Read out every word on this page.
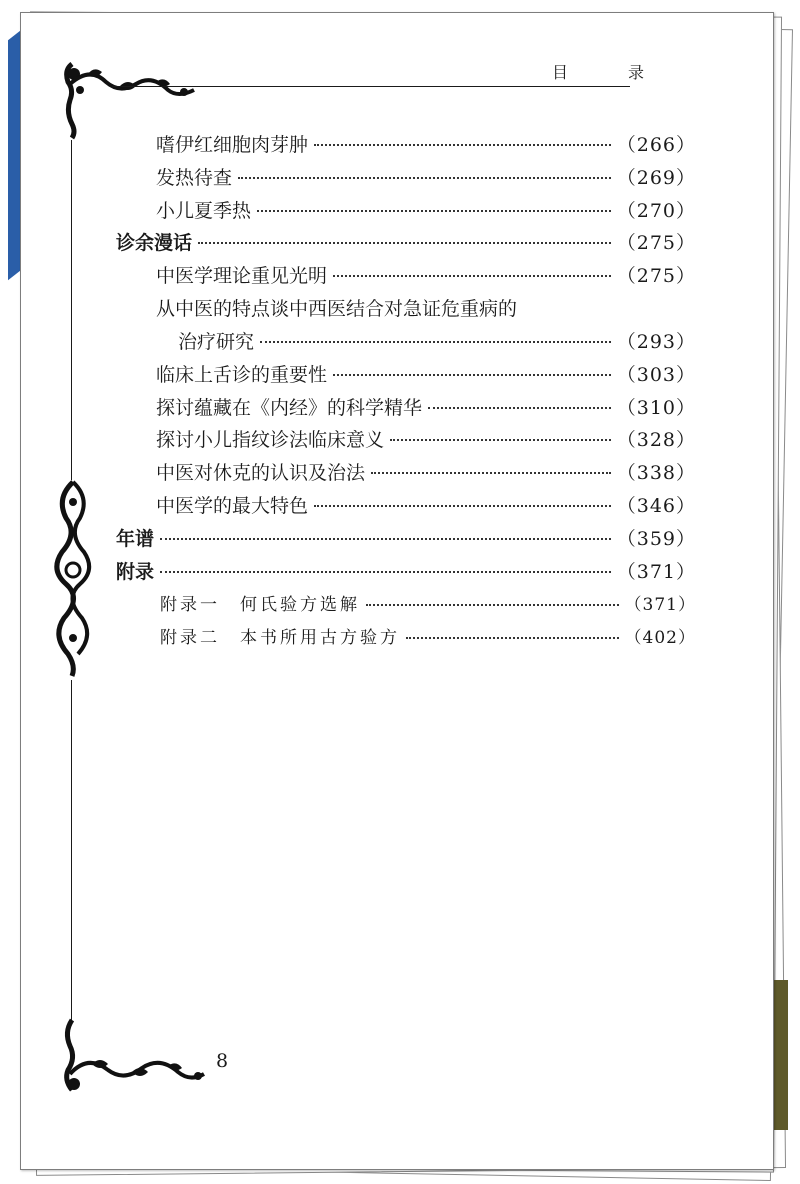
目　录
嗜伊红细胞肉芽肿	（266）
发热待查	（269）
小儿夏季热	（270）
诊余漫话	（275）
中医学理论重见光明	（275）
从中医的特点谈中西医结合对急证危重病的
治疗研究	（293）
临床上舌诊的重要性	（303）
探讨蕴藏在《内经》的科学精华	（310）
探讨小儿指纹诊法临床意义	（328）
中医对休克的认识及治法	（338）
中医学的最大特色	（346）
年谱	（359）
附录	（371）
附录一　何氏验方选解	（371）
附录二　本书所用古方验方	（402）
8
